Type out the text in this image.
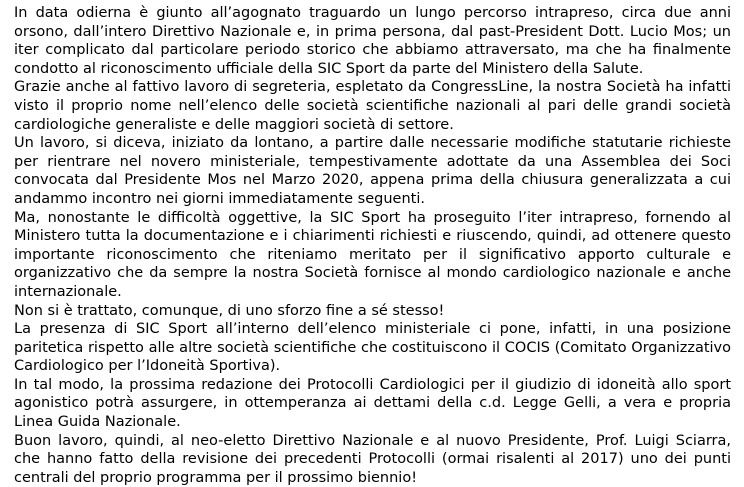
In data odierna è giunto all’agognato traguardo un lungo percorso intrapreso, circa due anni orsono, dall’intero Direttivo Nazionale e, in prima persona, dal past-President Dott. Lucio Mos; un iter complicato dal particolare periodo storico che abbiamo attraversato, ma che ha finalmente condotto al riconoscimento ufficiale della SIC Sport da parte del Ministero della Salute.

Grazie anche al fattivo lavoro di segreteria, espletato da CongressLine, la nostra Società ha infatti visto il proprio nome nell’elenco delle società scientifiche nazionali al pari delle grandi società cardiologiche generaliste e delle maggiori società di settore.

Un lavoro, si diceva, iniziato da lontano, a partire dalle necessarie modifiche statutarie richieste per rientrare nel novero ministeriale, tempestivamente adottate da una Assemblea dei Soci convocata dal Presidente Mos nel Marzo 2020, appena prima della chiusura generalizzata a cui andammo incontro nei giorni immediatamente seguenti.

Ma, nonostante le difficoltà oggettive, la SIC Sport ha proseguito l’iter intrapreso, fornendo al Ministero tutta la documentazione e i chiarimenti richiesti e riuscendo, quindi, ad ottenere questo importante riconoscimento che riteniamo meritato per il significativo apporto culturale e organizzativo che da sempre la nostra Società fornisce al mondo cardiologico nazionale e anche internazionale.

Non si è trattato, comunque, di uno sforzo fine a sé stesso!

La presenza di SIC Sport all’interno dell’elenco ministeriale ci pone, infatti, in una posizione paritetica rispetto alle altre società scientifiche che costituiscono il COCIS (Comitato Organizzativo Cardiologico per l’Idoneità Sportiva).

In tal modo, la prossima redazione dei Protocolli Cardiologici per il giudizio di idoneità allo sport agonistico potrà assurgere, in ottemperanza ai dettami della c.d. Legge Gelli, a vera e propria Linea Guida Nazionale.

Buon lavoro, quindi, al neo-eletto Direttivo Nazionale e al nuovo Presidente, Prof. Luigi Sciarra, che hanno fatto della revisione dei precedenti Protocolli (ormai risalenti al 2017) uno dei punti centrali del proprio programma per il prossimo biennio!
